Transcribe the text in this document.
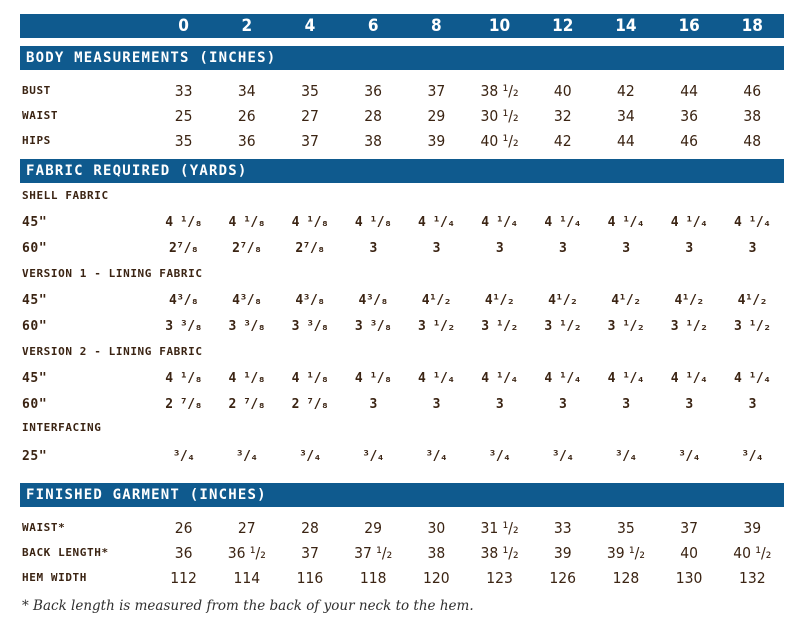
0	2	4	6	8	10	12	14	16	18
BODY MEASUREMENTS (INCHES)
BUST	33	34	35	36	37	38 ¹/₂	40	42	44	46
WAIST	25	26	27	28	29	30 ¹/₂	32	34	36	38
HIPS	35	36	37	38	39	40 ¹/₂	42	44	46	48
FABRIC REQUIRED (YARDS)
SHELL FABRIC
45"	4 ¹/₈	4 ¹/₈	4 ¹/₈	4 ¹/₈	4 ¹/₄	4 ¹/₄	4 ¹/₄	4 ¹/₄	4 ¹/₄	4 ¹/₄
60"	2⁷/₈	2⁷/₈	2⁷/₈	3	3	3	3	3	3	3
VERSION 1 - LINING FABRIC
45"	4³/₈	4³/₈	4³/₈	4³/₈	4¹/₂	4¹/₂	4¹/₂	4¹/₂	4¹/₂	4¹/₂
60"	3 ³/₈	3 ³/₈	3 ³/₈	3 ³/₈	3 ¹/₂	3 ¹/₂	3 ¹/₂	3 ¹/₂	3 ¹/₂	3 ¹/₂
VERSION 2 - LINING FABRIC
45"	4 ¹/₈	4 ¹/₈	4 ¹/₈	4 ¹/₈	4 ¹/₄	4 ¹/₄	4 ¹/₄	4 ¹/₄	4 ¹/₄	4 ¹/₄
60"	2 ⁷/₈	2 ⁷/₈	2 ⁷/₈	3	3	3	3	3	3	3
INTERFACING
25"	³/₄	³/₄	³/₄	³/₄	³/₄	³/₄	³/₄	³/₄	³/₄	³/₄
FINISHED GARMENT (INCHES)
WAIST*	26	27	28	29	30	31 ¹/₂	33	35	37	39
BACK LENGTH*	36	36 ¹/₂	37	37 ¹/₂	38	38 ¹/₂	39	39 ¹/₂	40	40 ¹/₂
HEM WIDTH	112	114	116	118	120	123	126	128	130	132
* Back length is measured from the back of your neck to the hem.
